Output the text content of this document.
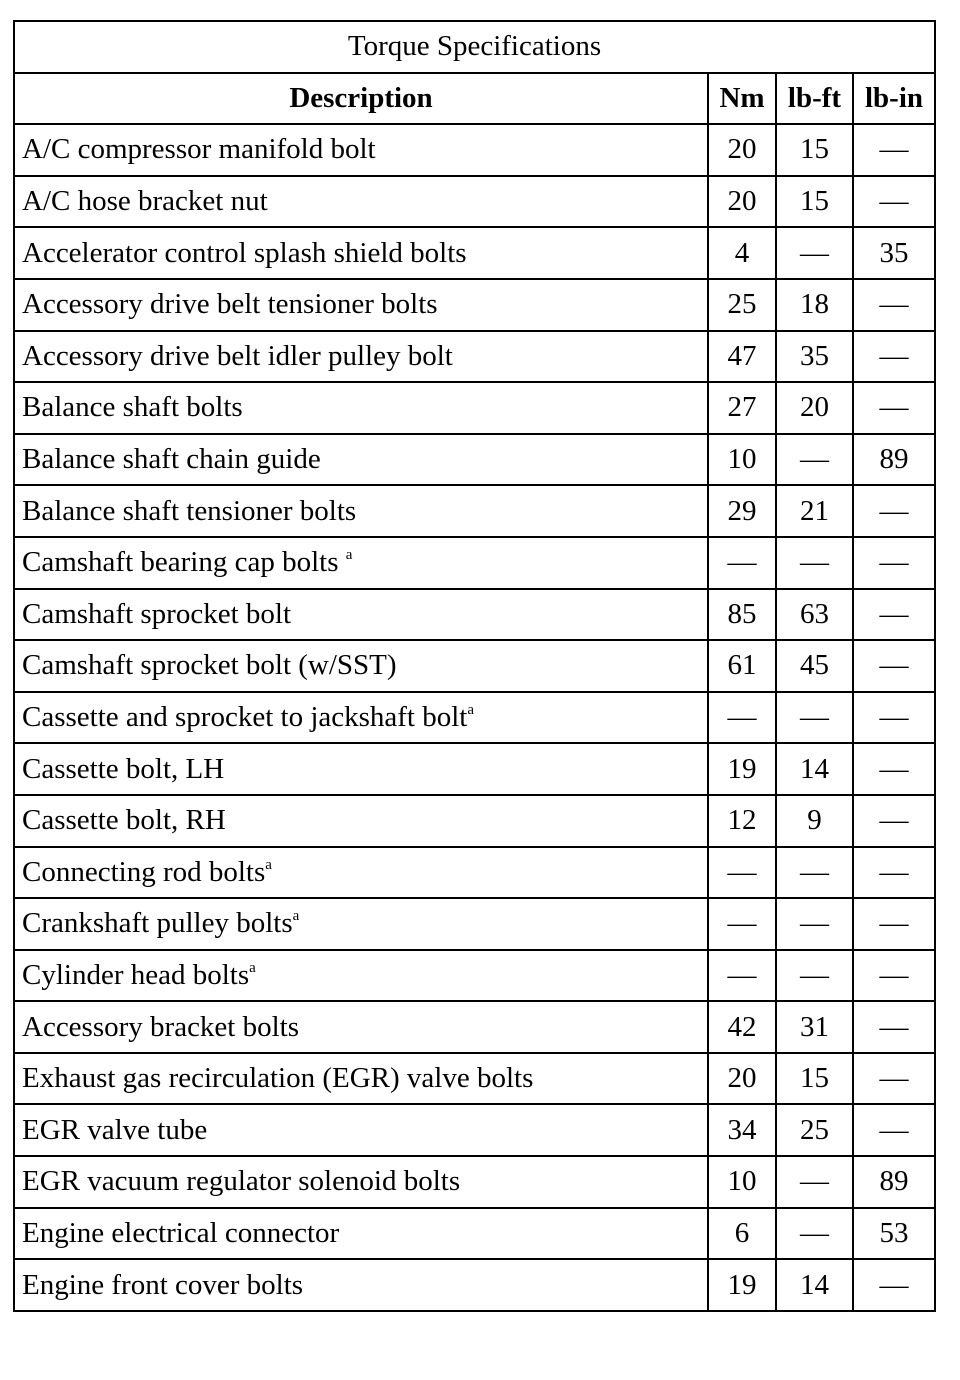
Torque Specifications			
Description	Nm	lb-ft	lb-in
A/C compressor manifold bolt	20	15	—
A/C hose bracket nut	20	15	—
Accelerator control splash shield bolts	4	—	35
Accessory drive belt tensioner bolts	25	18	—
Accessory drive belt idler pulley bolt	47	35	—
Balance shaft bolts	27	20	—
Balance shaft chain guide	10	—	89
Balance shaft tensioner bolts	29	21	—
Camshaft bearing cap bolts $^a$	—	—	—
Camshaft sprocket bolt	85	63	—
Camshaft sprocket bolt (w/SST)	61	45	—
Cassette and sprocket to jackshaft bolt$^a$	—	—	—
Cassette bolt, LH	19	14	—
Cassette bolt, RH	12	9	—
Connecting rod bolts$^a$	—	—	—
Crankshaft pulley bolts$^a$	—	—	—
Cylinder head bolts$^a$	—	—	—
Accessory bracket bolts	42	31	—
Exhaust gas recirculation (EGR) valve bolts	20	15	—
EGR valve tube	34	25	—
EGR vacuum regulator solenoid bolts	10	—	89
Engine electrical connector	6	—	53
Engine front cover bolts	19	14	—
